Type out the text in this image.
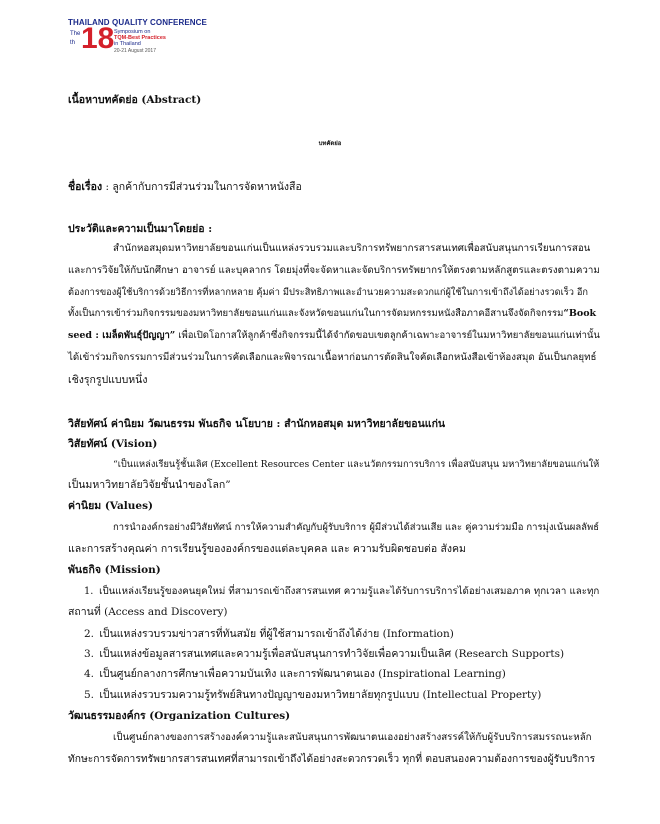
THAILAND QUALITY CONFERENCE
The 18
th
Symposium on
TQM-Best Practices
in Thailand
20-21 August 2017
เนื้อหาบทคัดย่อ (Abstract)
บทคัดย่อ
ชื่อเรื่อง : ลูกค้ากับการมีส่วนร่วมในการจัดหาหนังสือ
ประวัติและความเป็นมาโดยย่อ :
สำนักหอสมุดมหาวิทยาลัยขอนแก่นเป็นแหล่งรวบรวมและบริการทรัพยากรสารสนเทศเพื่อสนับสนุนการเรียนการสอน
และการวิจัยให้กับนักศึกษา อาจารย์ และบุคลากร โดยมุ่งที่จะจัดหาและจัดบริการทรัพยากรให้ตรงตามหลักสูตรและตรงตามความ
ต้องการของผู้ใช้บริการด้วยวิธีการที่หลากหลาย คุ้มค่า มีประสิทธิภาพและอำนวยความสะดวกแก่ผู้ใช้ในการเข้าถึงได้อย่างรวดเร็ว อีก
ทั้งเป็นการเข้าร่วมกิจกรรมของมหาวิทยาลัยขอนแก่นและจังหวัดขอนแก่นในการจัดมหกรรมหนังสือภาคอีสานจึงจัดกิจกรรม“Book
seed : เมล็ดพันธุ์ปัญญา” เพื่อเปิดโอกาสให้ลูกค้าซึ่งกิจกรรมนี้ได้จำกัดขอบเขตลูกค้าเฉพาะอาจารย์ในมหาวิทยาลัยขอนแก่นเท่านั้น
ได้เข้าร่วมกิจกรรมการมีส่วนร่วมในการคัดเลือกและพิจารณาเนื้อหาก่อนการตัดสินใจคัดเลือกหนังสือเข้าห้องสมุด อันเป็นกลยุทธ์
เชิงรุกรูปแบบหนึ่ง
วิสัยทัศน์ ค่านิยม วัฒนธรรม พันธกิจ นโยบาย : สำนักหอสมุด มหาวิทยาลัยขอนแก่น
วิสัยทัศน์ (Vision)
“เป็นแหล่งเรียนรู้ชั้นเลิศ (Excellent Resources Center และนวัตกรรมการบริการ เพื่อสนับสนุน มหาวิทยาลัยขอนแก่นให้
เป็นมหาวิทยาลัยวิจัยชั้นนำของโลก”
ค่านิยม (Values)
การนำองค์กรอย่างมีวิสัยทัศน์ การให้ความสำคัญกับผู้รับบริการ ผู้มีส่วนได้ส่วนเสีย และ คู่ความร่วมมือ การมุ่งเน้นผลลัพธ์
และการสร้างคุณค่า การเรียนรู้ขององค์กรของแต่ละบุคคล และ ความรับผิดชอบต่อ สังคม
พันธกิจ (Mission)
1. เป็นแหล่งเรียนรู้ของคนยุคใหม่ ที่สามารถเข้าถึงสารสนเทศ ความรู้และได้รับการบริการได้อย่างเสมอภาค ทุกเวลา และทุก
สถานที่ (Access and Discovery)
2. เป็นแหล่งรวบรวมข่าวสารที่ทันสมัย ที่ผู้ใช้สามารถเข้าถึงได้ง่าย (Information)
3. เป็นแหล่งข้อมูลสารสนเทศและความรู้เพื่อสนับสนุนการทำวิจัยเพื่อความเป็นเลิศ (Research Supports)
4. เป็นศูนย์กลางการศึกษาเพื่อความบันเทิง และการพัฒนาตนเอง (Inspirational Learning)
5. เป็นแหล่งรวบรวมความรู้ทรัพย์สินทางปัญญาของมหาวิทยาลัยทุกรูปแบบ (Intellectual Property)
วัฒนธรรมองค์กร (Organization Cultures)
เป็นศูนย์กลางของการสร้างองค์ความรู้และสนับสนุนการพัฒนาตนเองอย่างสร้างสรรค์ให้กับผู้รับบริการสมรรถนะหลัก
ทักษะการจัดการทรัพยากรสารสนเทศที่สามารถเข้าถึงได้อย่างสะดวกรวดเร็ว ทุกที่ ตอบสนองความต้องการของผู้รับบริการ
